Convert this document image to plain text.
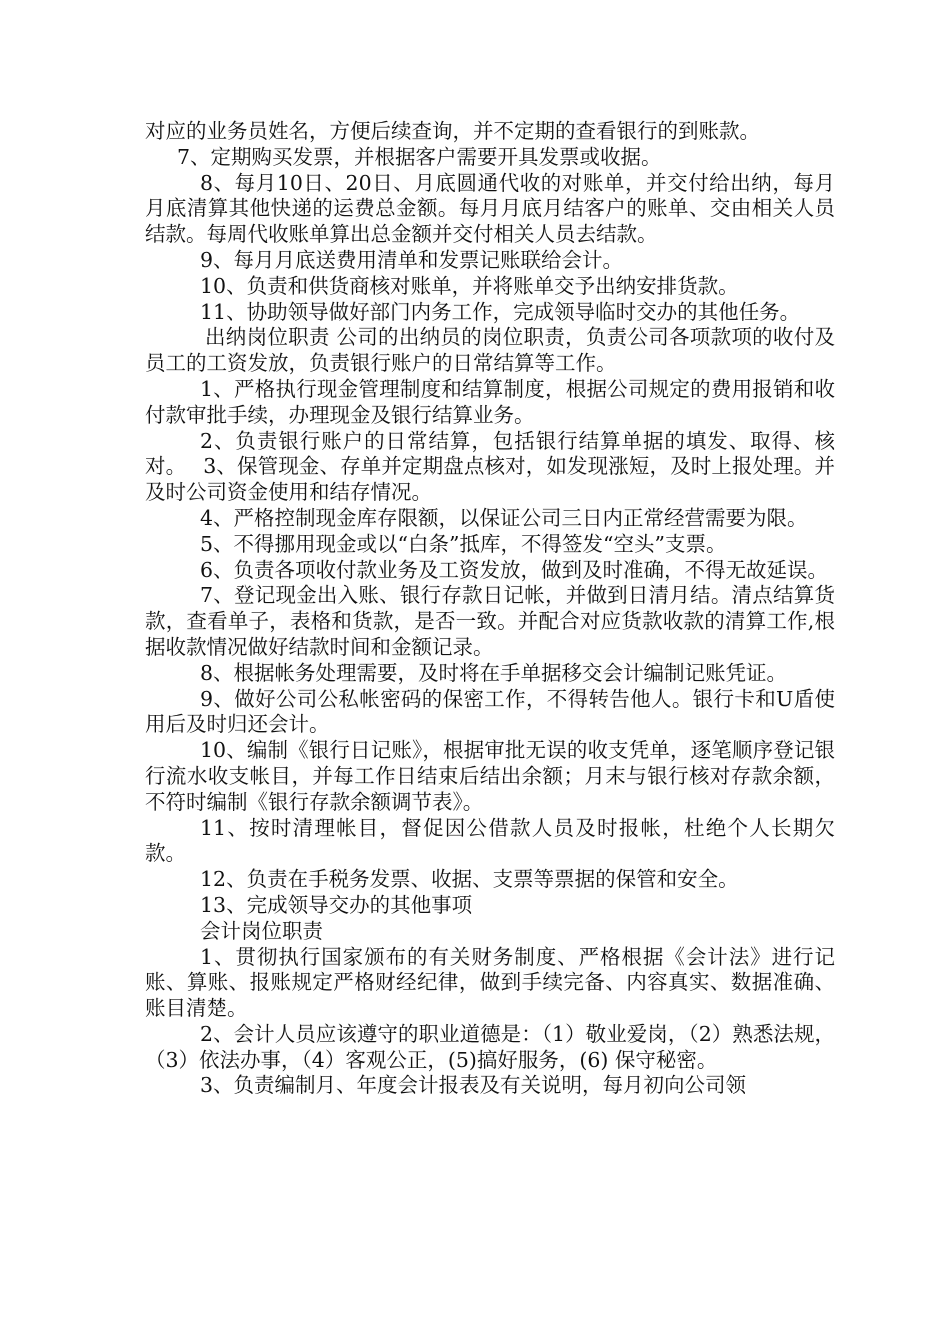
对应的业务员姓名，方便后续查询，并不定期的查看银行的到账款。

7、定期购买发票，并根据客户需要开具发票或收据。

8、每月10日、20日、月底圆通代收的对账单，并交付给出纳，每月月底清算其他快递的运费总金额。每月月底月结客户的账单、交由相关人员结款。每周代收账单算出总金额并交付相关人员去结款。

9、每月月底送费用清单和发票记账联给会计。

10、负责和供货商核对账单，并将账单交予出纳安排货款。

11、协助领导做好部门内务工作，完成领导临时交办的其他任务。

出纳岗位职责 公司的出纳员的岗位职责，负责公司各项款项的收付及员工的工资发放，负责银行账户的日常结算等工作。

1、严格执行现金管理制度和结算制度，根据公司规定的费用报销和收付款审批手续，办理现金及银行结算业务。

2、负责银行账户的日常结算，包括银行结算单据的填发、取得、核对。　 3、保管现金、存单并定期盘点核对，如发现涨短，及时上报处理。并及时公司资金使用和结存情况。

4、严格控制现金库存限额，以保证公司三日内正常经营需要为限。

5、不得挪用现金或以“白条”抵库，不得签发“空头”支票。

6、负责各项收付款业务及工资发放，做到及时准确，不得无故延误。

7、登记现金出入账、银行存款日记帐，并做到日清月结。清点结算货款，查看单子，表格和货款，是否一致。并配合对应货款收款的清算工作,根据收款情况做好结款时间和金额记录。

8、根据帐务处理需要，及时将在手单据移交会计编制记账凭证。

9、做好公司公私帐密码的保密工作，不得转告他人。银行卡和U盾使用后及时归还会计。

10、编制《银行日记账》，根据审批无误的收支凭单，逐笔顺序登记银行流水收支帐目，并每工作日结束后结出余额；月末与银行核对存款余额，不符时编制《银行存款余额调节表》。

11、按时清理帐目，督促因公借款人员及时报帐，杜绝个人长期欠款。

12、负责在手税务发票、收据、支票等票据的保管和安全。

13、完成领导交办的其他事项

会计岗位职责

1、贯彻执行国家颁布的有关财务制度、严格根据《会计法》进行记账、算账、报账规定严格财经纪律，做到手续完备、内容真实、数据准确、账目清楚。

2、会计人员应该遵守的职业道德是：（1）敬业爱岗，（2）熟悉法规，（3）依法办事，（4）客观公正，(5)搞好服务，(6) 保守秘密。

3、负责编制月、年度会计报表及有关说明，每月初向公司领
